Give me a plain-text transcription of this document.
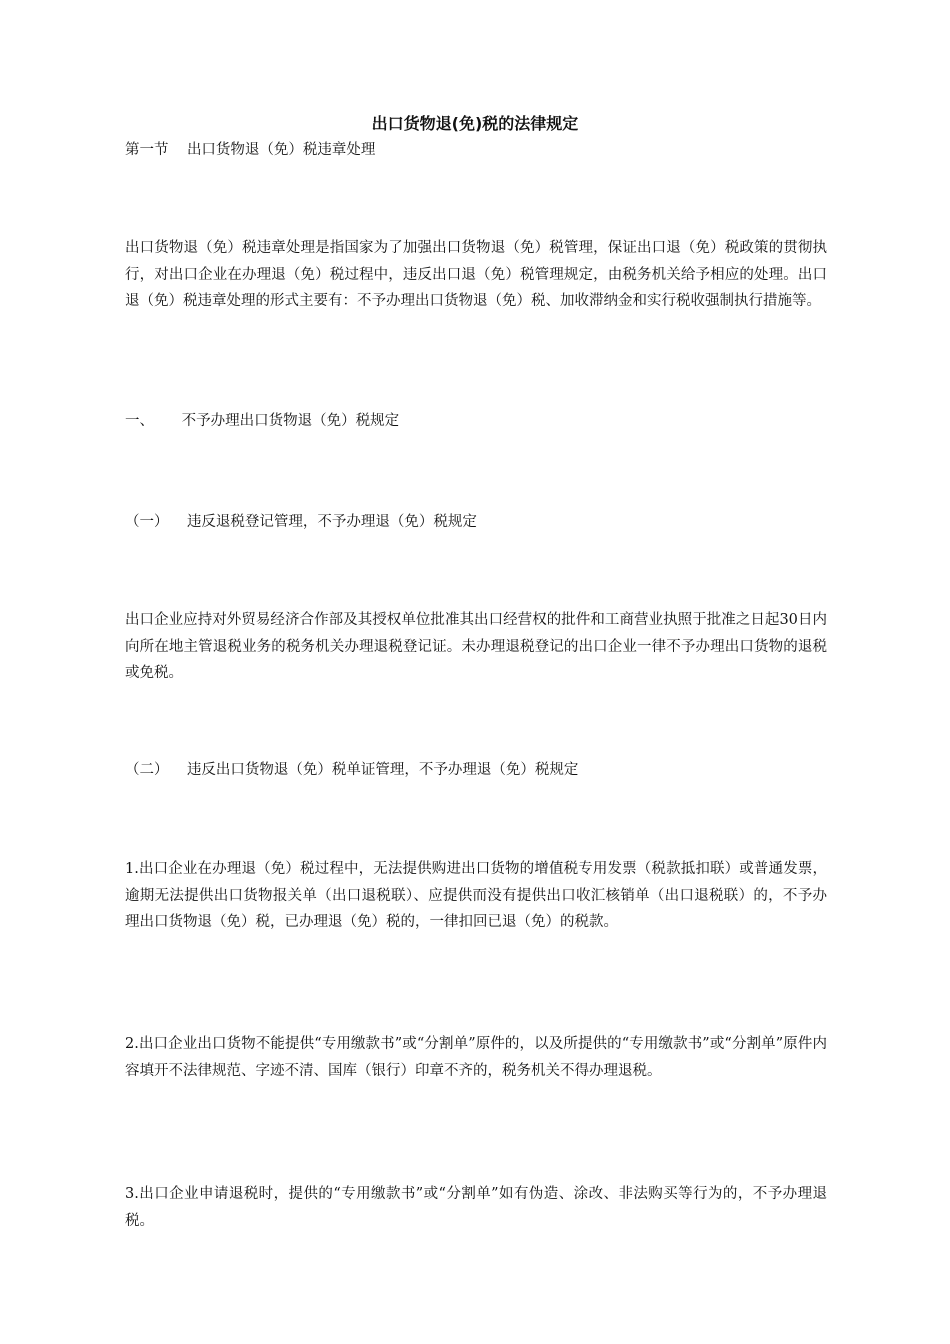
出口货物退(免)税的法律规定
第一节 出口货物退（免）税违章处理
出口货物退（免）税违章处理是指国家为了加强出口货物退（免）税管理，保证出口退（免）税政策的贯彻执行，对出口企业在办理退（免）税过程中，违反出口退（免）税管理规定，由税务机关给予相应的处理。出口退（免）税违章处理的形式主要有：不予办理出口货物退（免）税、加收滞纳金和实行税收强制执行措施等。
一、 不予办理出口货物退（免）税规定
（一） 违反退税登记管理，不予办理退（免）税规定
出口企业应持对外贸易经济合作部及其授权单位批准其出口经营权的批件和工商营业执照于批准之日起30日内向所在地主管退税业务的税务机关办理退税登记证。未办理退税登记的出口企业一律不予办理出口货物的退税或免税。
（二） 违反出口货物退（免）税单证管理，不予办理退（免）税规定
1.出口企业在办理退（免）税过程中，无法提供购进出口货物的增值税专用发票（税款抵扣联）或普通发票，逾期无法提供出口货物报关单（出口退税联）、应提供而没有提供出口收汇核销单（出口退税联）的，不予办理出口货物退（免）税，已办理退（免）税的，一律扣回已退（免）的税款。
2.出口企业出口货物不能提供“专用缴款书”或“分割单”原件的，以及所提供的“专用缴款书”或“分割单”原件内容填开不法律规范、字迹不清、国库（银行）印章不齐的，税务机关不得办理退税。
3.出口企业申请退税时，提供的“专用缴款书”或“分割单”如有伪造、涂改、非法购买等行为的，不予办理退税。
